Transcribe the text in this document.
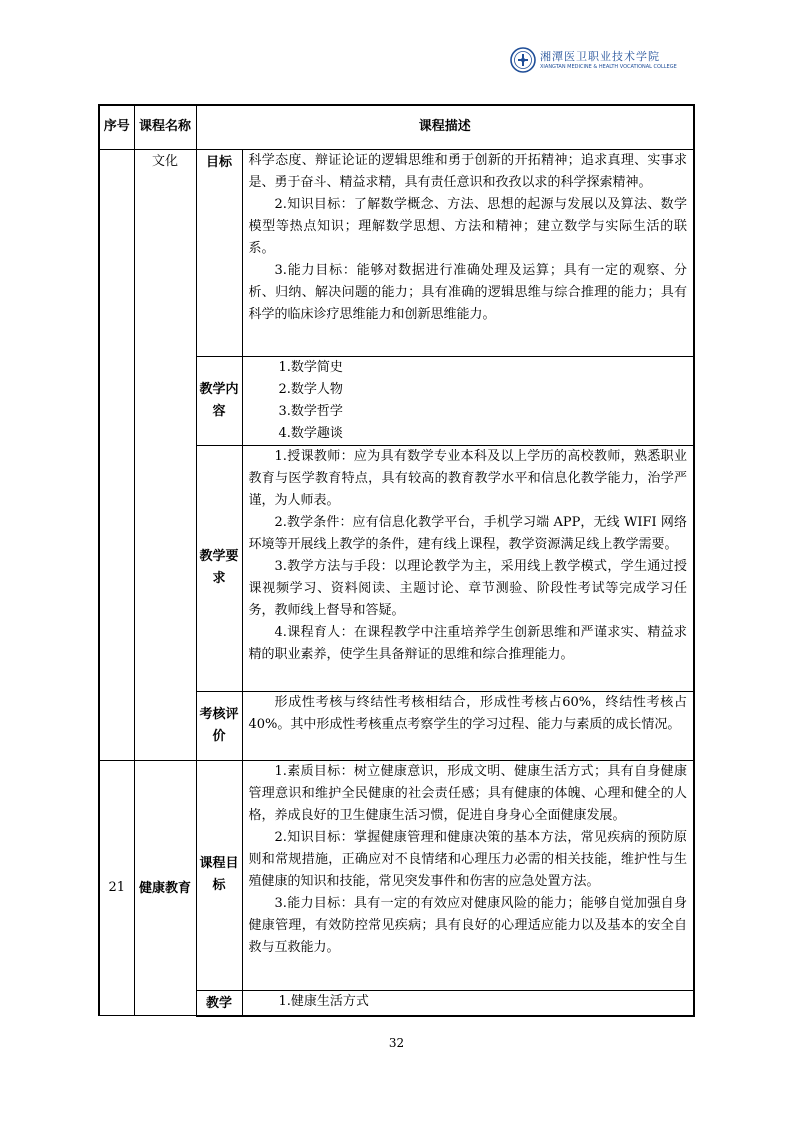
湘潭医卫职业技术学院
XIANGTAN MEDICINE & HEALTH VOCATIONAL COLLEGE
序号	课程名称	课程描述	
	文化	目标	科学态度、辩证论证的逻辑思维和勇于创新的开拓精神；追求真理、实事求是、勇于奋斗、精益求精，具有责任意识和孜孜以求的科学探索精神。

2.知识目标：了解数学概念、方法、思想的起源与发展以及算法、数学模型等热点知识；理解数学思想、方法和精神；建立数学与实际生活的联系。

3.能力目标：能够对数据进行准确处理及运算；具有一定的观察、分析、归纳、解决问题的能力；具有准确的逻辑思维与综合推理的能力；具有科学的临床诊疗思维能力和创新思维能力。

		教学内容	1.数学简史

2.数学人物

3.数学哲学

4.数学趣谈

		教学要求	1.授课教师：应为具有数学专业本科及以上学历的高校教师，熟悉职业教育与医学教育特点，具有较高的教育教学水平和信息化教学能力，治学严谨，为人师表。

2.教学条件：应有信息化教学平台，手机学习端 APP，无线 WIFI 网络环境等开展线上教学的条件，建有线上课程，教学资源满足线上教学需要。

3.教学方法与手段：以理论教学为主，采用线上教学模式，学生通过授课视频学习、资料阅读、主题讨论、章节测验、阶段性考试等完成学习任务，教师线上督导和答疑。

4.课程育人：在课程教学中注重培养学生创新思维和严谨求实、精益求精的职业素养，使学生具备辩证的思维和综合推理能力。

		考核评价	形成性考核与终结性考核相结合，形成性考核占60%，终结性考核占40%。其中形成性考核重点考察学生的学习过程、能力与素质的成长情况。

21	健康教育	课程目标	1.素质目标：树立健康意识，形成文明、健康生活方式；具有自身健康管理意识和维护全民健康的社会责任感；具有健康的体魄、心理和健全的人格，养成良好的卫生健康生活习惯，促进自身身心全面健康发展。

2.知识目标：掌握健康管理和健康决策的基本方法，常见疾病的预防原则和常规措施，正确应对不良情绪和心理压力必需的相关技能，维护性与生殖健康的知识和技能，常见突发事件和伤害的应急处置方法。

3.能力目标：具有一定的有效应对健康风险的能力；能够自觉加强自身健康管理，有效防控常见疾病；具有良好的心理适应能力以及基本的安全自救与互救能力。

		教学	1.健康生活方式

32
